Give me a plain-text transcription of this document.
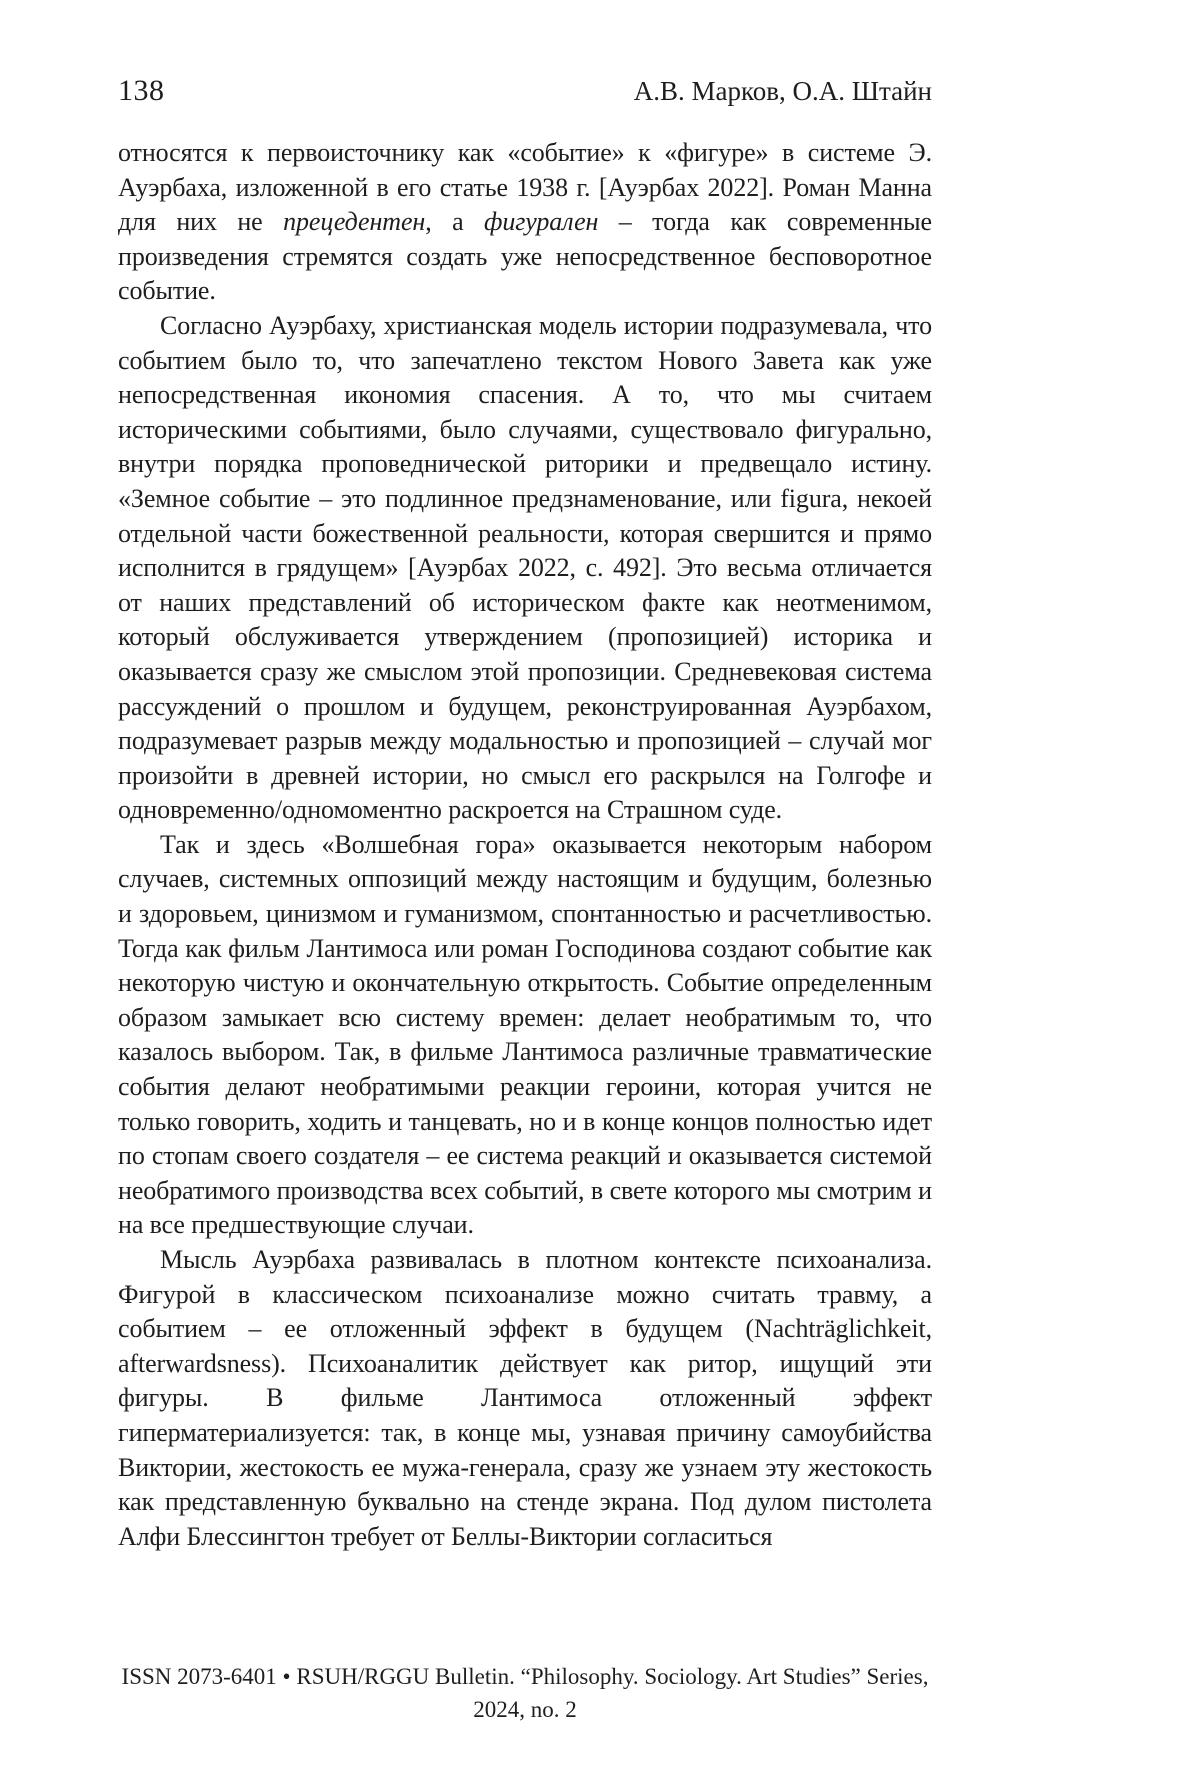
138	А.В. Марков, О.А. Штайн

относятся к первоисточнику как «событие» к «фигуре» в системе Э. Ауэрбаха, изложенной в его статье 1938 г. [Ауэрбах 2022]. Роман Манна для них не прецедентен, а фигурален – тогда как современные произведения стремятся создать уже непосредственное бесповоротное событие.

Согласно Ауэрбаху, христианская модель истории подразумевала, что событием было то, что запечатлено текстом Нового Завета как уже непосредственная икономия спасения. А то, что мы считаем историческими событиями, было случаями, существовало фигурально, внутри порядка проповеднической риторики и предвещало истину. «Земное событие – это подлинное предзнаменование, или figura, некоей отдельной части божественной реальности, которая свершится и прямо исполнится в грядущем» [Ауэрбах 2022, с. 492]. Это весьма отличается от наших представлений об историческом факте как неотменимом, который обслуживается утверждением (пропозицией) историка и оказывается сразу же смыслом этой пропозиции. Средневековая система рассуждений о прошлом и будущем, реконструированная Ауэрбахом, подразумевает разрыв между модальностью и пропозицией – случай мог произойти в древней истории, но смысл его раскрылся на Голгофе и одновременно/одномоментно раскроется на Страшном суде.

Так и здесь «Волшебная гора» оказывается некоторым набором случаев, системных оппозиций между настоящим и будущим, болезнью и здоровьем, цинизмом и гуманизмом, спонтанностью и расчетливостью. Тогда как фильм Лантимоса или роман Господинова создают событие как некоторую чистую и окончательную открытость. Событие определенным образом замыкает всю систему времен: делает необратимым то, что казалось выбором. Так, в фильме Лантимоса различные травматические события делают необратимыми реакции героини, которая учится не только говорить, ходить и танцевать, но и в конце концов полностью идет по стопам своего создателя – ее система реакций и оказывается системой необратимого производства всех событий, в свете которого мы смотрим и на все предшествующие случаи.

Мысль Ауэрбаха развивалась в плотном контексте психоанализа. Фигурой в классическом психоанализе можно считать травму, а событием – ее отложенный эффект в будущем (Nachträglichkeit, afterwardsness). Психоаналитик действует как ритор, ищущий эти фигуры. В фильме Лантимоса отложенный эффект гиперматериализуется: так, в конце мы, узнавая причину самоубийства Виктории, жестокость ее мужа-генерала, сразу же узнаем эту жестокость как представленную буквально на стенде экрана. Под дулом пистолета Алфи Блессингтон требует от Беллы-Виктории согласиться

ISSN 2073-6401 • RSUH/RGGU Bulletin. “Philosophy. Sociology. Art Studies” Series,
2024, no. 2
